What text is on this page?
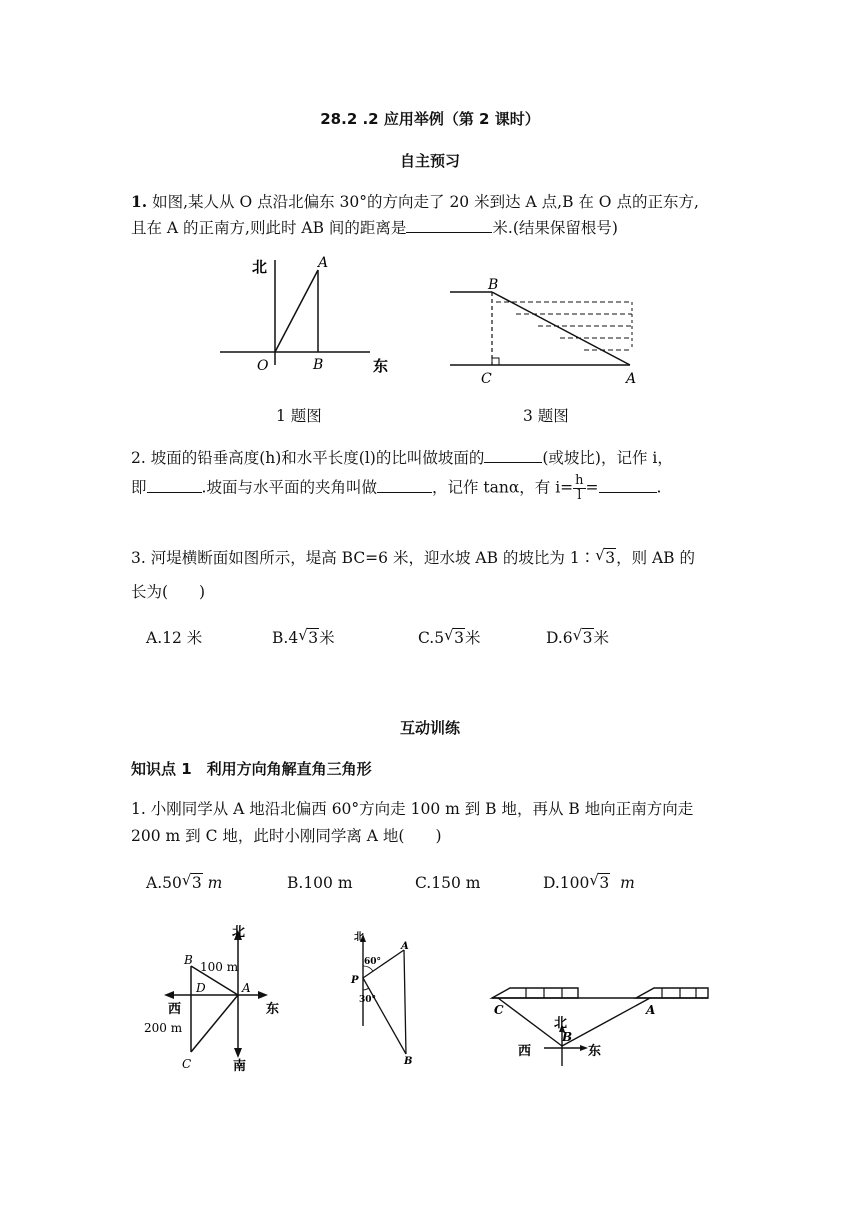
28.2 .2 应用举例（第 2 课时）
自主预习
1. 如图,某人从 O 点沿北偏东 30°的方向走了 20 米到达 A 点,B 在 O 点的正东方,
且在 A 的正南方,则此时 AB 间的距离是	米.(结果保留根号)
北
东
O	B
A
1 题图
B
C	A
3 题图
2. 坡面的铅垂高度(h)和水平长度(l)的比叫做坡面的	(或坡比)，记作 i，
即	.坡面与水平面的夹角叫做	，记作 tanα，有 $i= \frac{h}{l}$ =	.
3. 河堤横断面如图所示，堤高 BC=6 米，迎水坡 AB 的坡比为 1∶ √ 3，则 AB 的
长为(　　)
A.12 米	B.4 √ 3米	C.5 √ 3米	D.6 √ 3米
互动训练
知识点 1　利用方向角解直角三角形
1. 小刚同学从 A 地沿北偏西 60°方向走 100 m 到 B 地，再从 B 地向正南方向走
200 m 到 C 地，此时小刚同学离 A 地(　　)
A.50 √ 3 m	B.100 m	C.150 m	D.100 √ 3 m
北
南
西	东
B
D	A
C
100 m
200 m
北
P
A
B
60°
30°
C	A
B
北
西	东
